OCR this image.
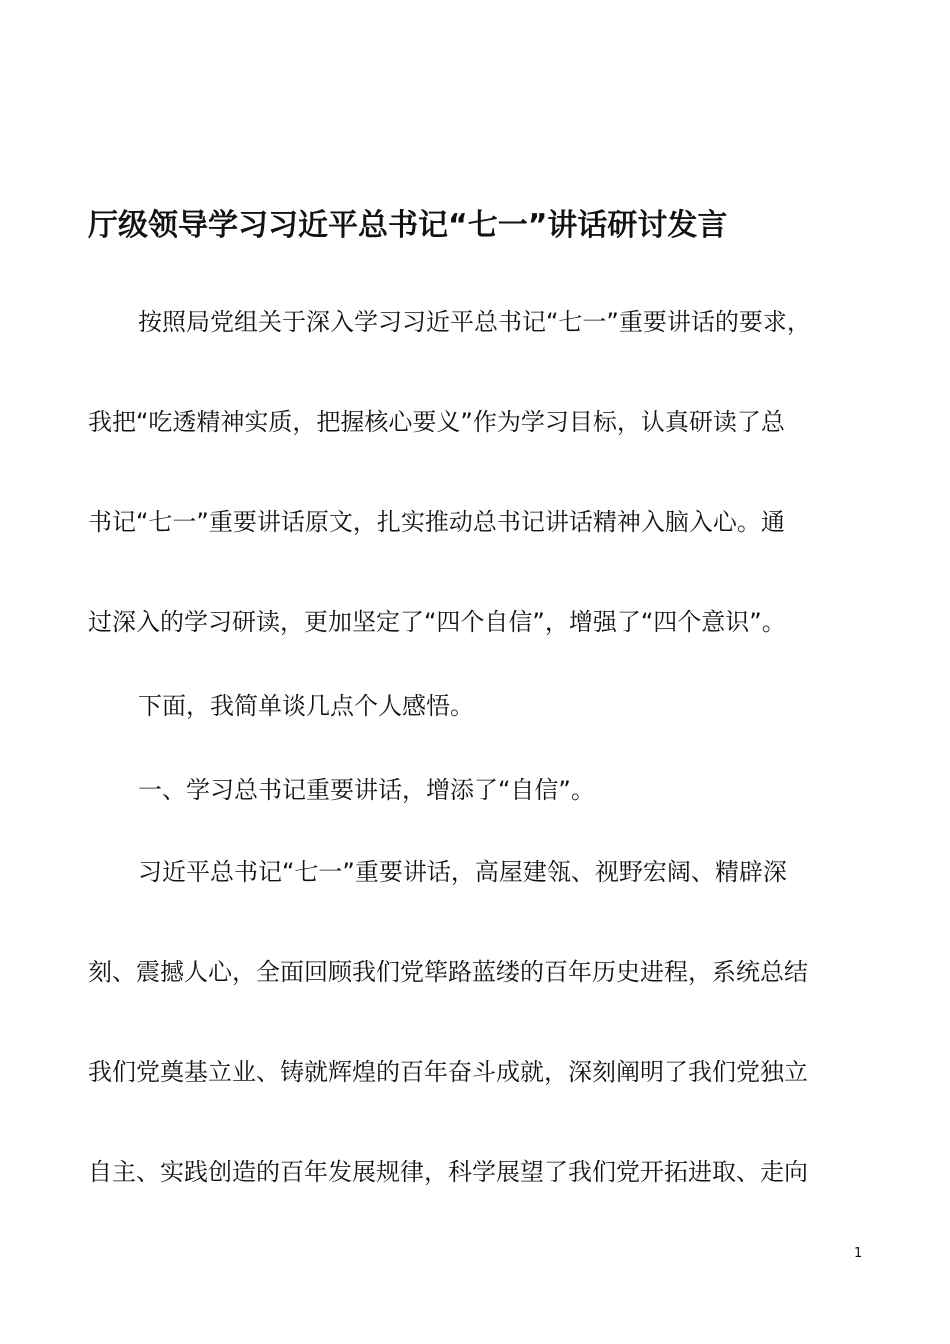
厅级领导学习习近平总书记“七一”讲话研讨发言
按照局党组关于深入学习习近平总书记“七一”重要讲话的要求，
我把“吃透精神实质，把握核心要义”作为学习目标，认真研读了总
书记“七一”重要讲话原文，扎实推动总书记讲话精神入脑入心。通
过深入的学习研读，更加坚定了“四个自信”，增强了“四个意识”。
下面，我简单谈几点个人感悟。
一、学习总书记重要讲话，增添了“自信”。
习近平总书记“七一”重要讲话，高屋建瓴、视野宏阔、精辟深
刻、震撼人心，全面回顾我们党筚路蓝缕的百年历史进程，系统总结
我们党奠基立业、铸就辉煌的百年奋斗成就，深刻阐明了我们党独立
自主、实践创造的百年发展规律，科学展望了我们党开拓进取、走向
1
